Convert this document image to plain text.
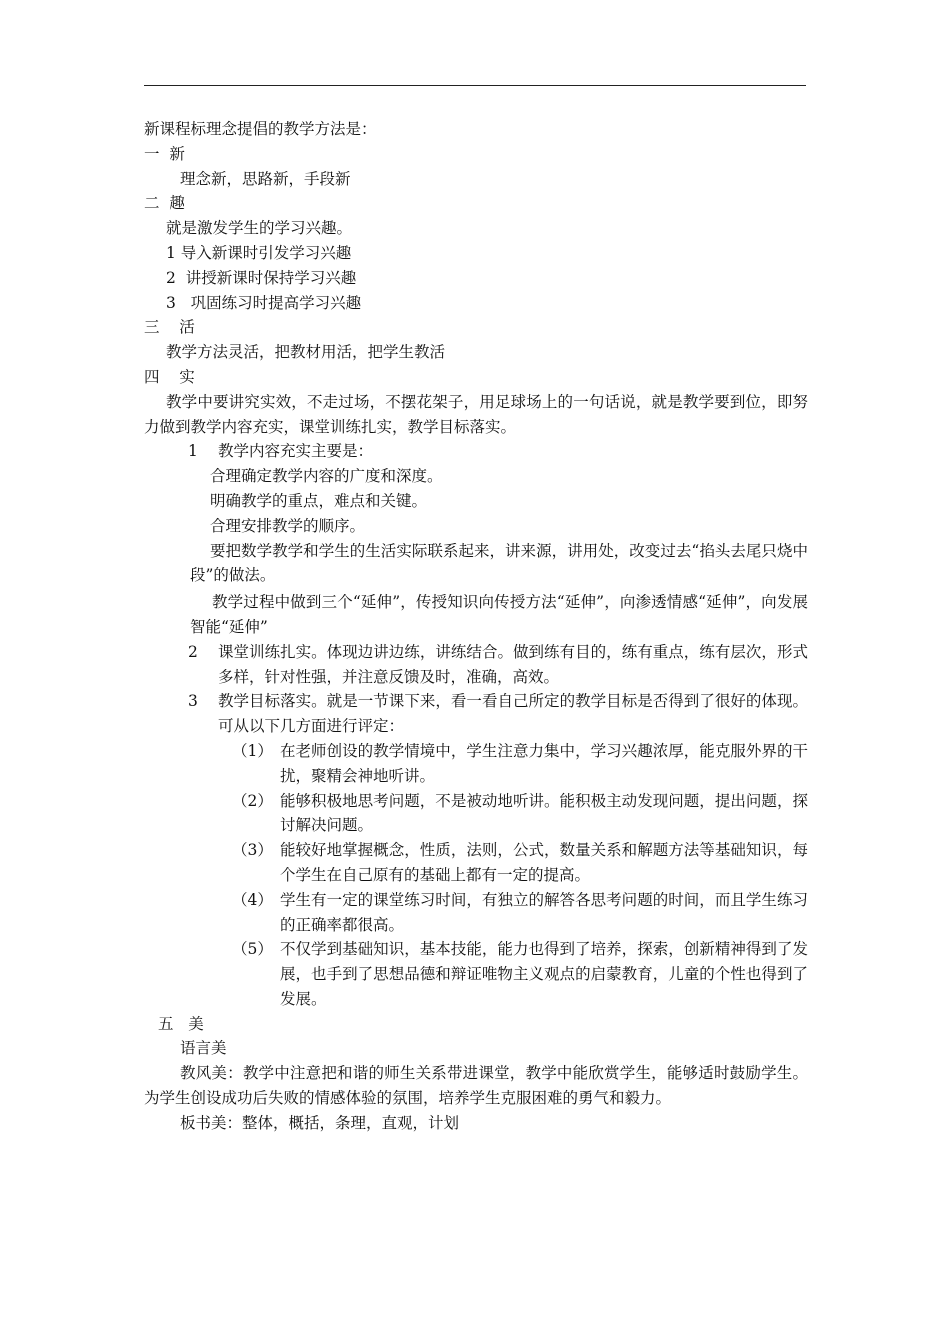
新课程标理念提倡的教学方法是：

一  新

理念新，思路新，手段新

二  趣

就是激发学生的学习兴趣。

1 导入新课时引发学习兴趣

2  讲授新课时保持学习兴趣

3   巩固练习时提高学习兴趣

三    活

教学方法灵活，把教材用活，把学生教活

四    实

教学中要讲究实效，不走过场，不摆花架子，用足球场上的一句话说，就是教学要到位，即努力做到教学内容充实，课堂训练扎实，教学目标落实。

1	教学内容充实主要是：

合理确定教学内容的广度和深度。

明确教学的重点，难点和关键。

合理安排教学的顺序。

要把数学教学和学生的生活实际联系起来，讲来源，讲用处，改变过去“掐头去尾只烧中段”的做法。

教学过程中做到三个“延伸”，传授知识向传授方法“延伸”，向渗透情感“延伸”，向发展智能“延伸”

2	课堂训练扎实。体现边讲边练，讲练结合。做到练有目的，练有重点，练有层次，形式多样，针对性强，并注意反馈及时，准确，高效。
3	教学目标落实。就是一节课下来，看一看自己所定的教学目标是否得到了很好的体现。可从以下几方面进行评定：
（1） 在老师创设的教学情境中，学生注意力集中，学习兴趣浓厚，能克服外界的干扰，聚精会神地听讲。
（2） 能够积极地思考问题，不是被动地听讲。能积极主动发现问题，提出问题，探讨解决问题。
（3） 能较好地掌握概念，性质，法则，公式，数量关系和解题方法等基础知识，每个学生在自己原有的基础上都有一定的提高。
（4） 学生有一定的课堂练习时间，有独立的解答各思考问题的时间，而且学生练习的正确率都很高。
（5） 不仅学到基础知识，基本技能，能力也得到了培养，探索，创新精神得到了发展，也手到了思想品德和辩证唯物主义观点的启蒙教育，儿童的个性也得到了发展。

五   美

语言美

教风美：教学中注意把和谐的师生关系带进课堂，教学中能欣赏学生，能够适时鼓励学生。为学生创设成功后失败的情感体验的氛围，培养学生克服困难的勇气和毅力。

板书美：整体，概括，条理，直观，计划
